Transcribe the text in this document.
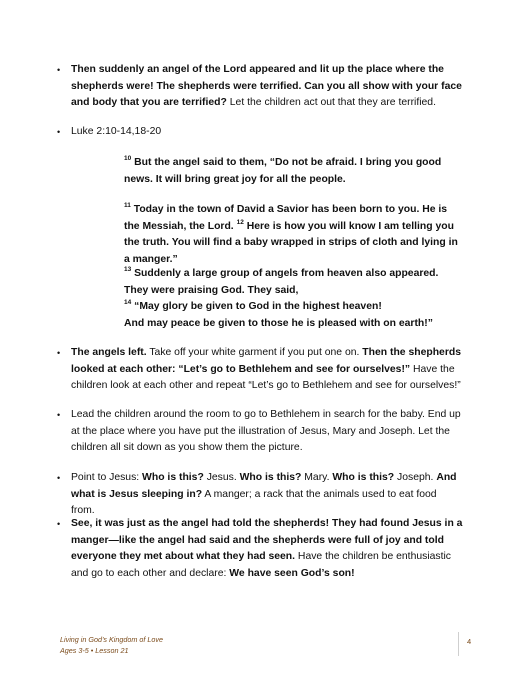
• Then suddenly an angel of the Lord appeared and lit up the place where the shepherds were! The shepherds were terrified. Can you all show with your face and body that you are terrified? Let the children act out that they are terrified.
• Luke 2:10-14,18-20

$^{10}$ But the angel said to them, “Do not be afraid. I bring you good news. It will bring great joy for all the people.

$^{11}$ Today in the town of David a Savior has been born to you. He is the Messiah, the Lord. $^{12}$ Here is how you will know I am telling you the truth. You will find a baby wrapped in strips of cloth and lying in a manger.”

$^{13}$ Suddenly a large group of angels from heaven also appeared. They were praising God. They said,

$^{14}$ “May glory be given to God in the highest heaven!

And may peace be given to those he is pleased with on earth!”

• The angels left. Take off your white garment if you put one on. Then the shepherds looked at each other: “Let’s go to Bethlehem and see for ourselves!” Have the children look at each other and repeat “Let’s go to Bethlehem and see for ourselves!”
• Lead the children around the room to go to Bethlehem in search for the baby. End up at the place where you have put the illustration of Jesus, Mary and Joseph. Let the children all sit down as you show them the picture.
• Point to Jesus: Who is this? Jesus. Who is this? Mary. Who is this? Joseph. And what is Jesus sleeping in? A manger; a rack that the animals used to eat food from.
• See, it was just as the angel had told the shepherds! They had found Jesus in a manger—like the angel had said and the shepherds were full of joy and told everyone they met about what they had seen. Have the children be enthusiastic and go to each other and declare: We have seen God’s son!
Living in God’s Kingdom of Love
Ages 3-5 • Lesson 21
4
